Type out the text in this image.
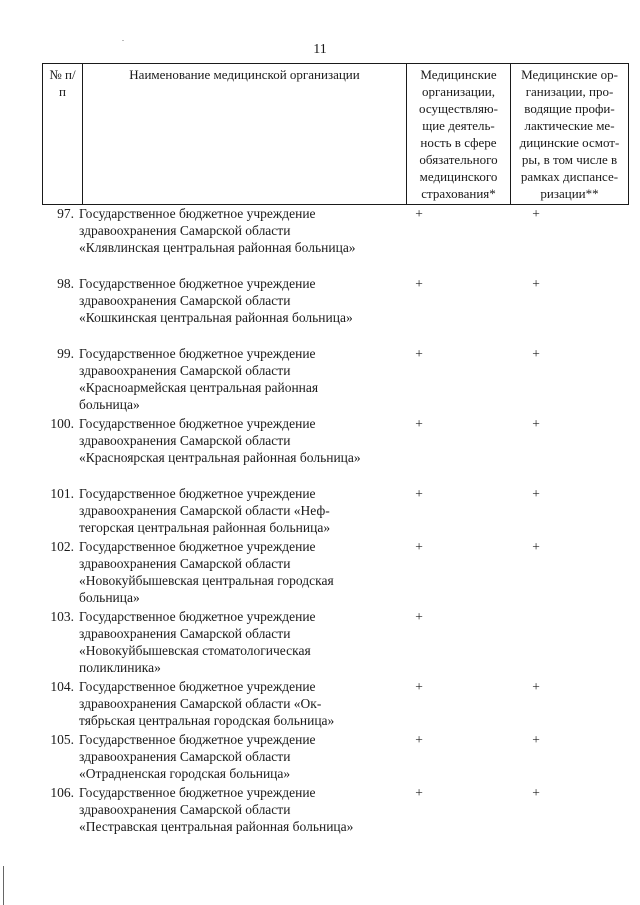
11
№ п/п	Наименование медицинской организации	Медицинские организации, осуществляю-щие деятель-ность в сфере обязательного медицинского страхования*	Медицинские ор-ганизации, про-водящие профи-лактические ме-дицинские осмот-ры, в том числе в рамках диспансе-ризации**
97. Государственное бюджетное учреждение здравоохранения Самарской области «Клявлинская центральная районная больница»
+	+
98. Государственное бюджетное учреждение здравоохранения Самарской области «Кошкинская центральная районная больница»
+	+
99. Государственное бюджетное учреждение здравоохранения Самарской области «Красноармейская центральная районная больница»
+	+
100. Государственное бюджетное учреждение здравоохранения Самарской области «Красноярская центральная районная больница»
+	+
101. Государственное бюджетное учреждение здравоохранения Самарской области «Неф-тегорская центральная районная больница»
+	+
102. Государственное бюджетное учреждение здравоохранения Самарской области «Новокуйбышевская центральная городская больница»
+	+
103. Государственное бюджетное учреждение здравоохранения Самарской области «Новокуйбышевская стоматологическая поликлиника»
+
104. Государственное бюджетное учреждение здравоохранения Самарской области «Ок-тябрьская центральная городская больница»
+	+
105. Государственное бюджетное учреждение здравоохранения Самарской области «Отрадненская городская больница»
+	+
106. Государственное бюджетное учреждение здравоохранения Самарской области «Пестравская центральная районная больница»
+	+
